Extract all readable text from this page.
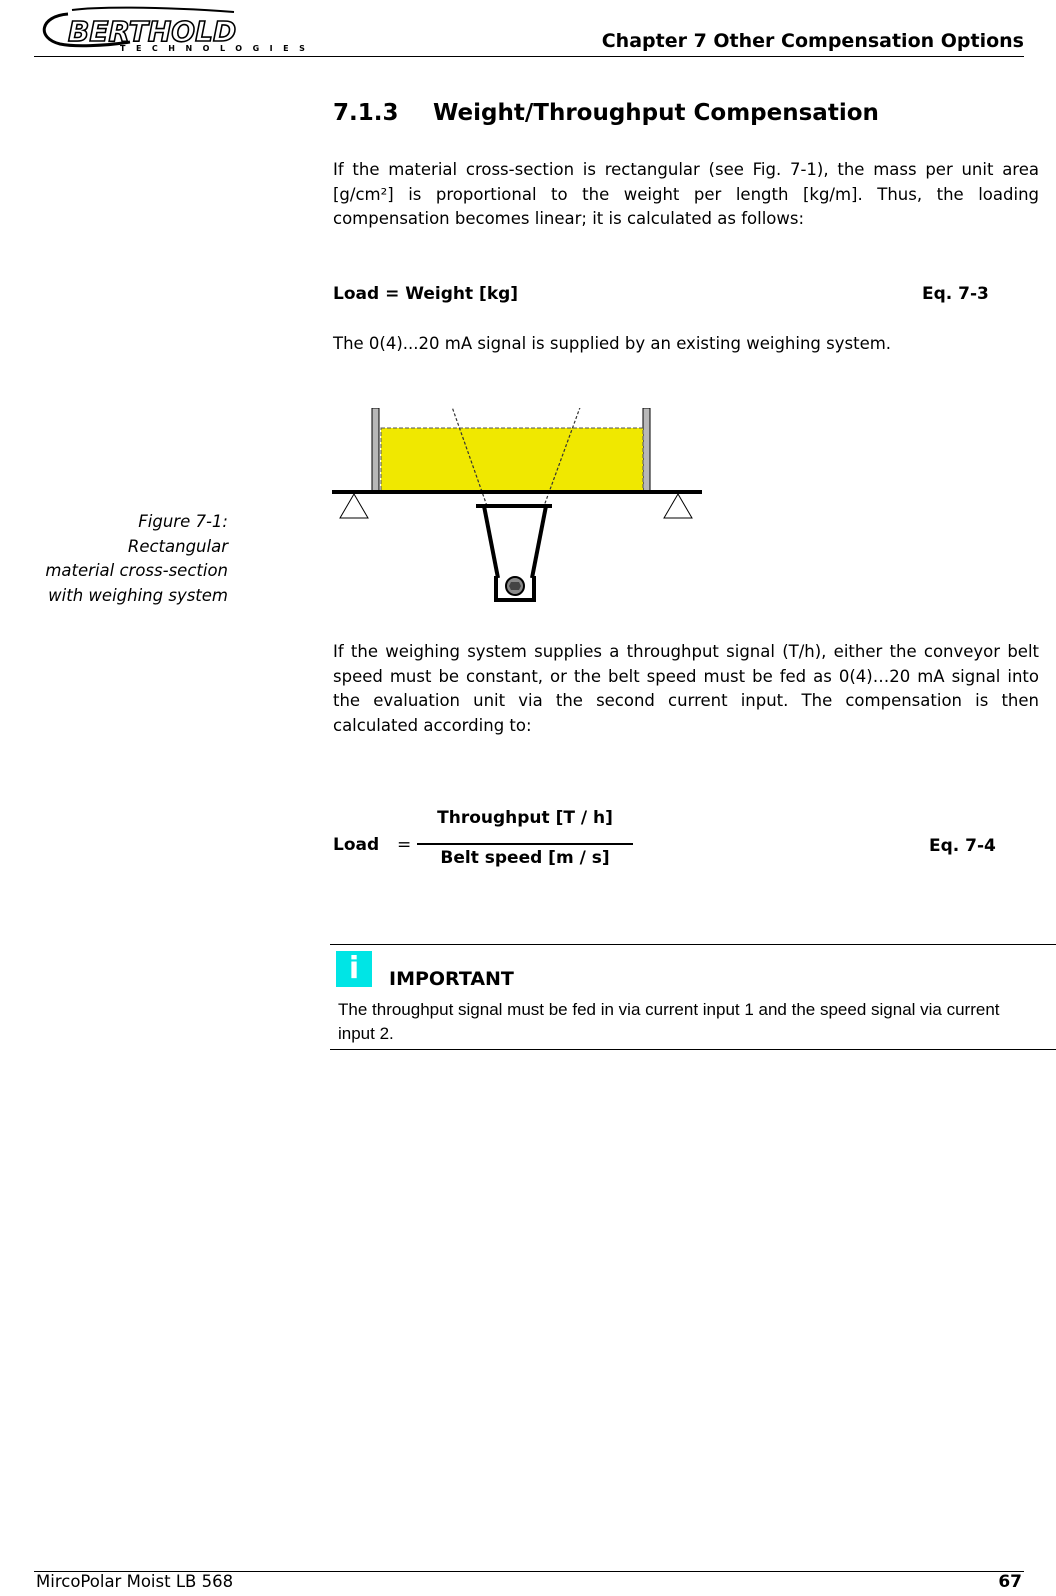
BERTHOLD
TECHNOLOGIES	Chapter 7 Other Compensation Options
7.1.3 Weight/Throughput Compensation
If the material cross-section is rectangular (see Fig. 7-1), the mass per unit area [g/cm²] is proportional to the weight per length [kg/m]. Thus, the loading compensation becomes linear; it is calculated as follows:
Load = Weight [kg]	Eq. 7-3
The 0(4)...20 mA signal is supplied by an existing weighing system.
Figure 7-1:
Rectangular
material cross-section
with weighing system
If the weighing system supplies a throughput signal (T/h), either the conveyor belt speed must be constant, or the belt speed must be fed as 0(4)…20 mA signal into the evaluation unit via the second current input. The compensation is then calculated according to:
Load =
Throughput [T / h]
Belt speed [m / s]
Eq. 7-4
i	IMPORTANT
The throughput signal must be fed in via current input 1 and the speed signal via current input 2.
MircoPolar Moist LB 568	67
